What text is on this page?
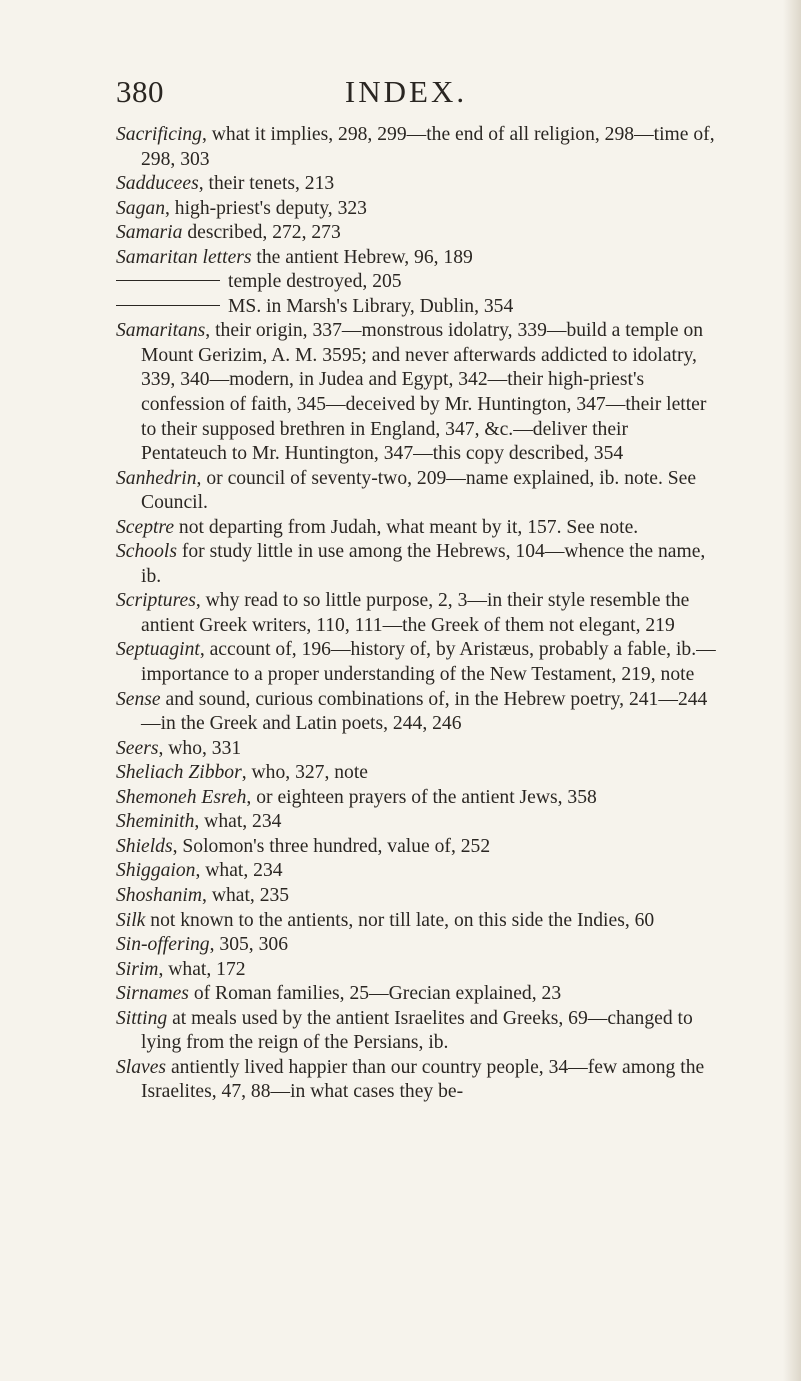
380	INDEX.
Sacrificing, what it implies, 298, 299—the end of all religion, 298—time of, 298, 303
Sadducees, their tenets, 213
Sagan, high-priest's deputy, 323
Samaria described, 272, 273
Samaritan letters the antient Hebrew, 96, 189
temple destroyed, 205
MS. in Marsh's Library, Dublin, 354
Samaritans, their origin, 337—monstrous idolatry, 339—build a temple on Mount Gerizim, A. M. 3595; and never afterwards addicted to idolatry, 339, 340—modern, in Judea and Egypt, 342—their high-priest's confession of faith, 345—deceived by Mr. Huntington, 347—their letter to their supposed brethren in England, 347, &c.—deliver their Pentateuch to Mr. Huntington, 347—this copy described, 354
Sanhedrin, or council of seventy-two, 209—name explained, ib. note. See Council.
Sceptre not departing from Judah, what meant by it, 157. See note.
Schools for study little in use among the Hebrews, 104—whence the name, ib.
Scriptures, why read to so little purpose, 2, 3—in their style resemble the antient Greek writers, 110, 111—the Greek of them not elegant, 219
Septuagint, account of, 196—history of, by Aristæus, probably a fable, ib.—importance to a proper understanding of the New Testament, 219, note
Sense and sound, curious combinations of, in the Hebrew poetry, 241—244—in the Greek and Latin poets, 244, 246
Seers, who, 331
Sheliach Zibbor, who, 327, note
Shemoneh Esreh, or eighteen prayers of the antient Jews, 358
Sheminith, what, 234
Shields, Solomon's three hundred, value of, 252
Shiggaion, what, 234
Shoshanim, what, 235
Silk not known to the antients, nor till late, on this side the Indies, 60
Sin-offering, 305, 306
Sirim, what, 172
Sirnames of Roman families, 25—Grecian explained, 23
Sitting at meals used by the antient Israelites and Greeks, 69—changed to lying from the reign of the Persians, ib.
Slaves antiently lived happier than our country people, 34—few among the Israelites, 47, 88—in what cases they be-
